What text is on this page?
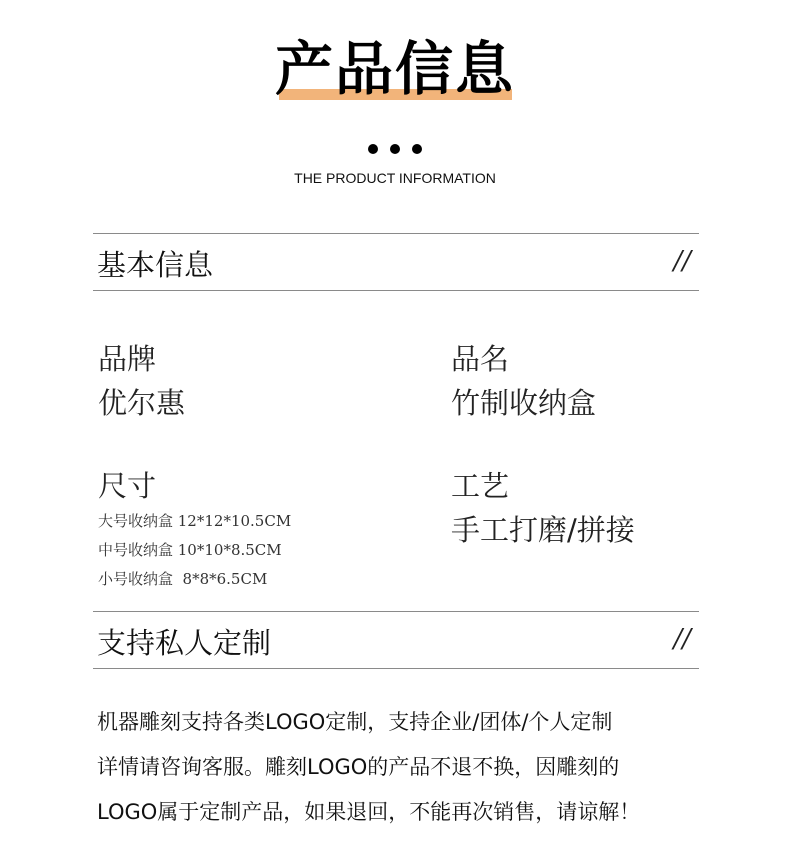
产品信息
THE PRODUCT INFORMATION
基本信息	//
品牌
优尔惠
品名
竹制收纳盒
尺寸
大号收纳盒 12*12*10.5CM
中号收纳盒 10*10*8.5CM
小号收纳盒  8*8*6.5CM
工艺
手工打磨/拼接
支持私人定制	//
机器雕刻支持各类LOGO定制，支持企业/团体/个人定制
详情请咨询客服。雕刻LOGO的产品不退不换，因雕刻的
LOGO属于定制产品，如果退回，不能再次销售，请谅解！
